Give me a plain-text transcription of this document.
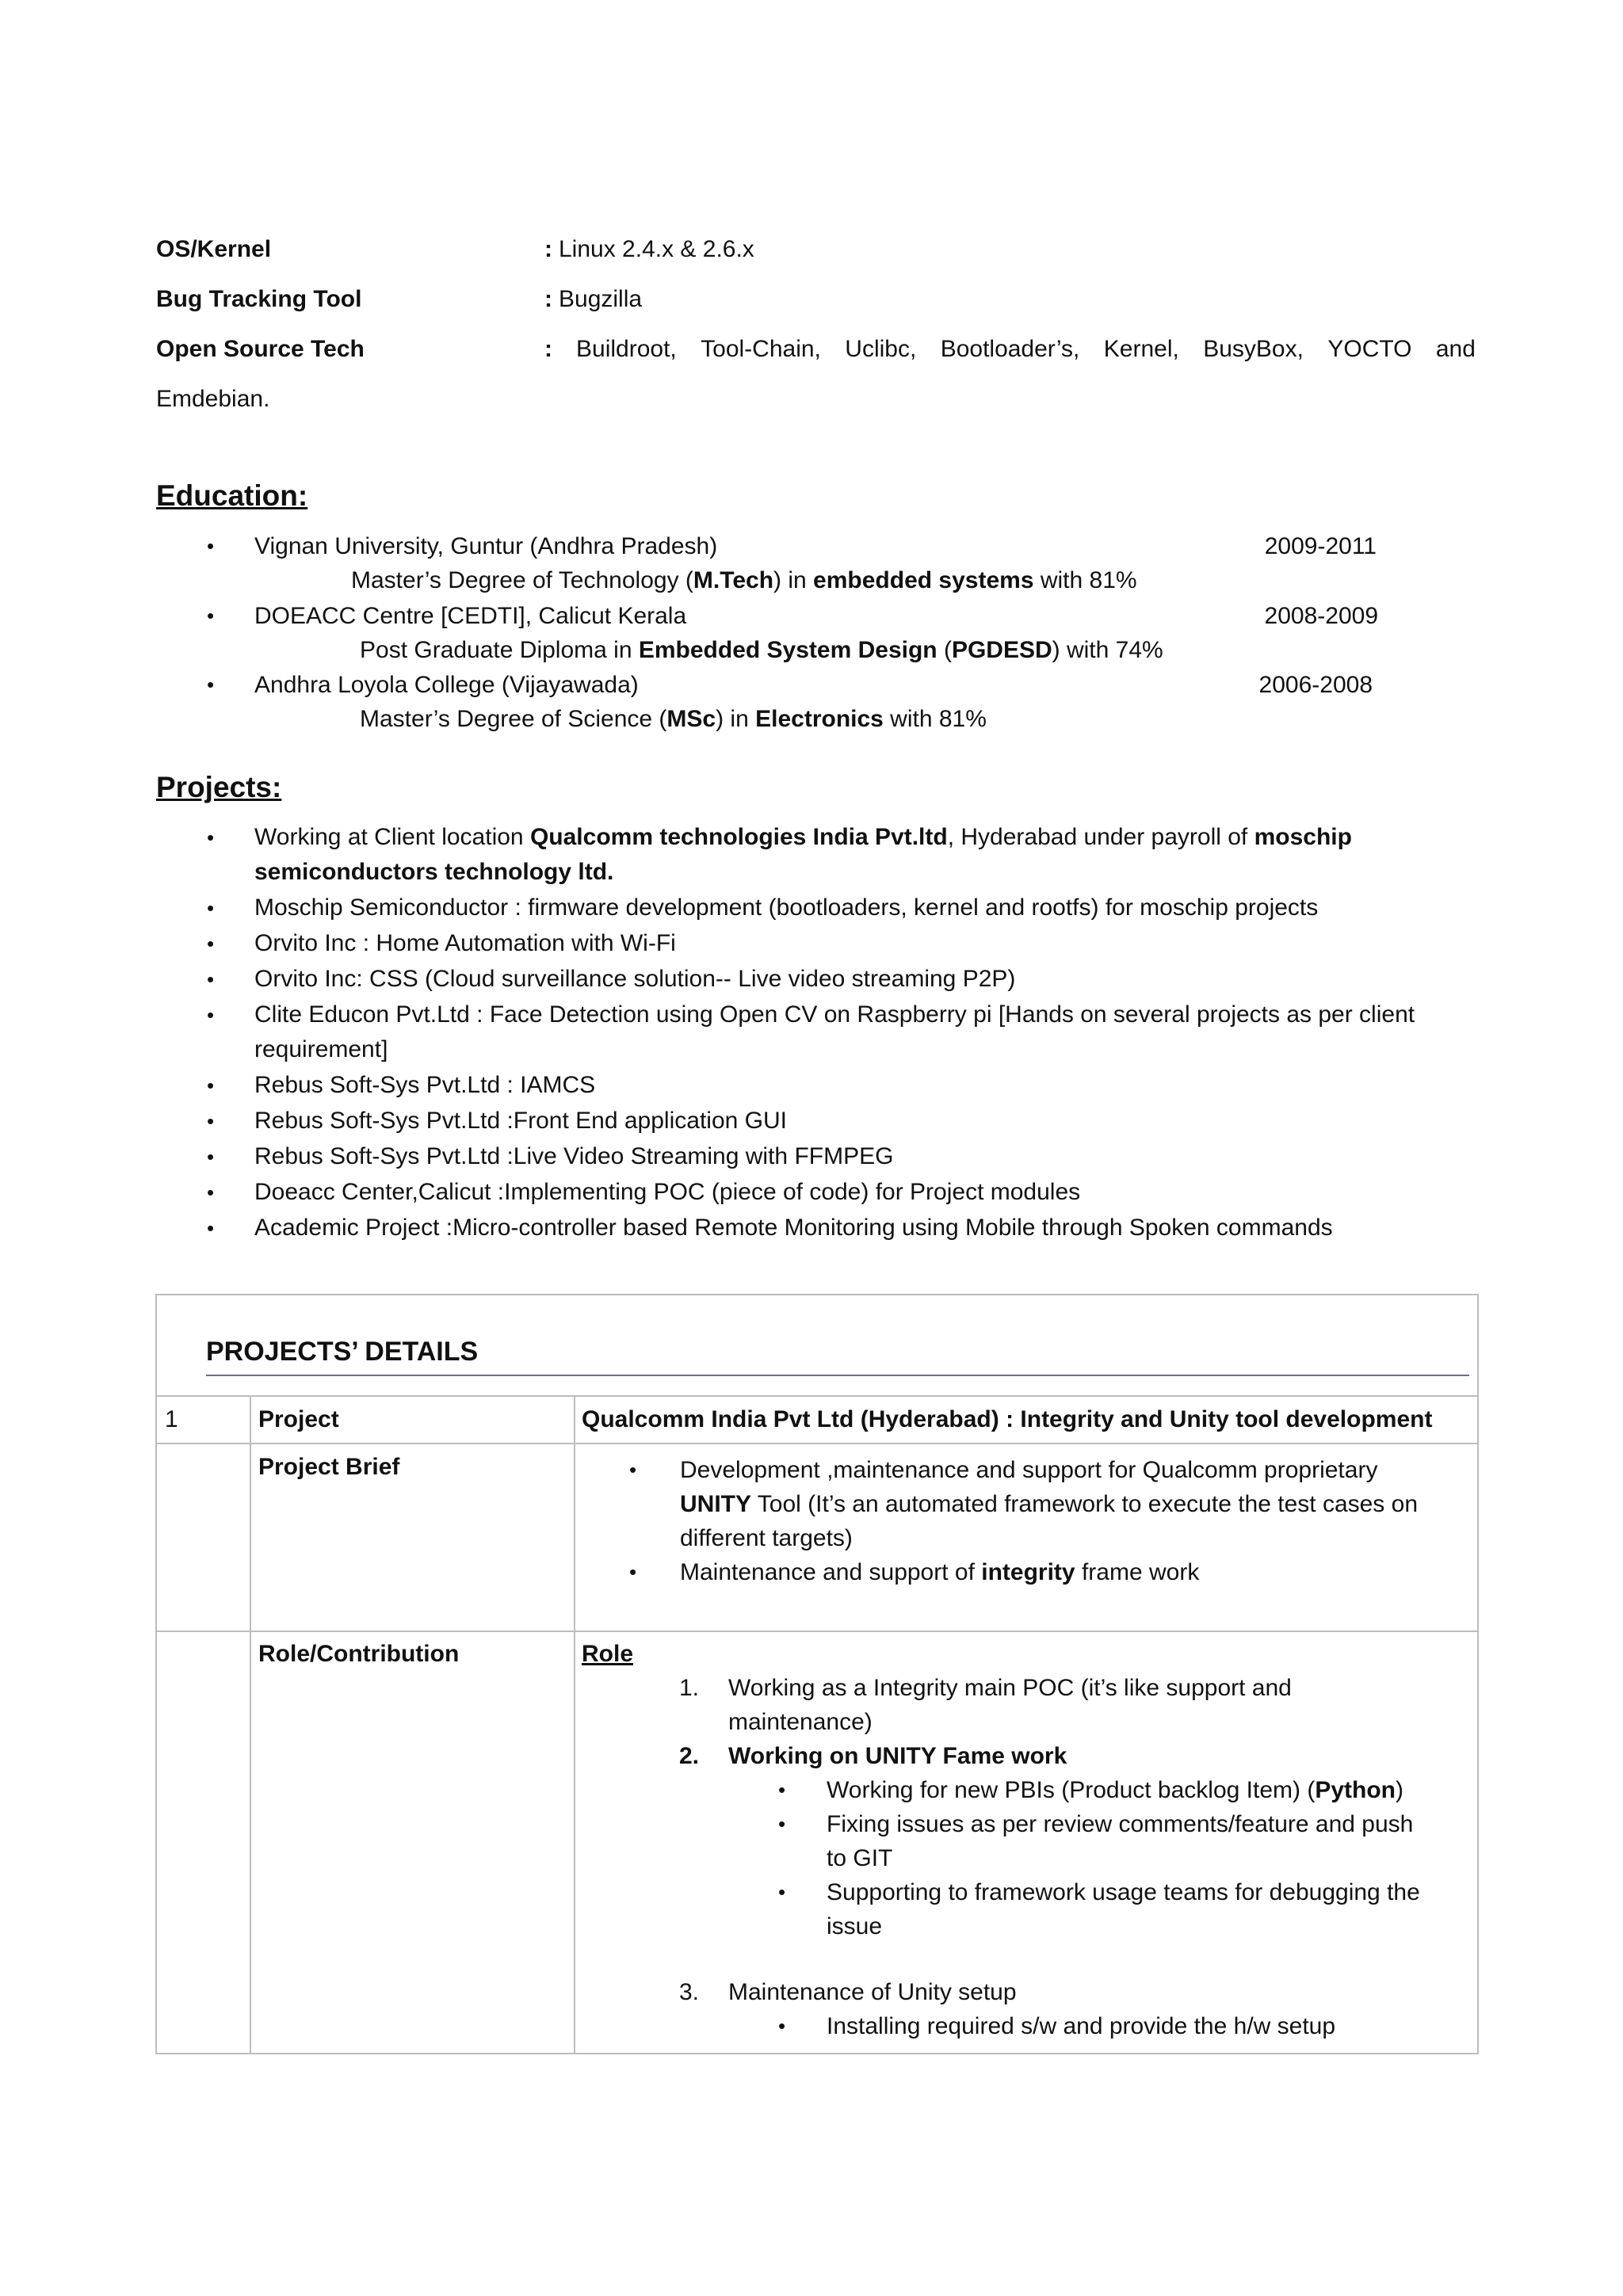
OS/Kernel	: Linux 2.4.x & 2.6.x
Bug Tracking Tool	: Bugzilla
Open Source Tech	: Buildroot, Tool-Chain, Uclibc, Bootloader’s, Kernel, BusyBox, YOCTO and
Emdebian.
Education:
• Vignan University, Guntur (Andhra Pradesh)	2009-2011
Master’s Degree of Technology (M.Tech) in embedded systems with 81%
• DOEACC Centre [CEDTI], Calicut Kerala	2008-2009
Post Graduate Diploma in Embedded System Design (PGDESD) with 74%
• Andhra Loyola College (Vijayawada)	2006-2008
Master’s Degree of Science (MSc) in Electronics with 81%
Projects:
• Working at Client location Qualcomm technologies India Pvt.ltd, Hyderabad under payroll of moschip
semiconductors technology ltd.
• Moschip Semiconductor : firmware development (bootloaders, kernel and rootfs) for moschip projects
• Orvito Inc : Home Automation with Wi-Fi
• Orvito Inc: CSS (Cloud surveillance solution-- Live video streaming P2P)
• Clite Educon Pvt.Ltd : Face Detection using Open CV on Raspberry pi [Hands on several projects as per client
requirement]
• Rebus Soft-Sys Pvt.Ltd : IAMCS
• Rebus Soft-Sys Pvt.Ltd :Front End application GUI
• Rebus Soft-Sys Pvt.Ltd :Live Video Streaming with FFMPEG
• Doeacc Center,Calicut :Implementing POC (piece of code) for Project modules
• Academic Project :Micro-controller based Remote Monitoring using Mobile through Spoken commands
PROJECTS’ DETAILS
1	Project	Qualcomm India Pvt Ltd (Hyderabad) : Integrity and Unity tool development
Project Brief	• Development ,maintenance and support for Qualcomm proprietary
UNITY Tool (It’s an automated framework to execute the test cases on
different targets)
• Maintenance and support of integrity frame work
Role/Contribution	Role
1. Working as a Integrity main POC (it’s like support and
maintenance)
2. Working on UNITY Fame work
• Working for new PBIs (Product backlog Item) (Python)
• Fixing issues as per review comments/feature and push
to GIT
• Supporting to framework usage teams for debugging the
issue
3. Maintenance of Unity setup
• Installing required s/w and provide the h/w setup
